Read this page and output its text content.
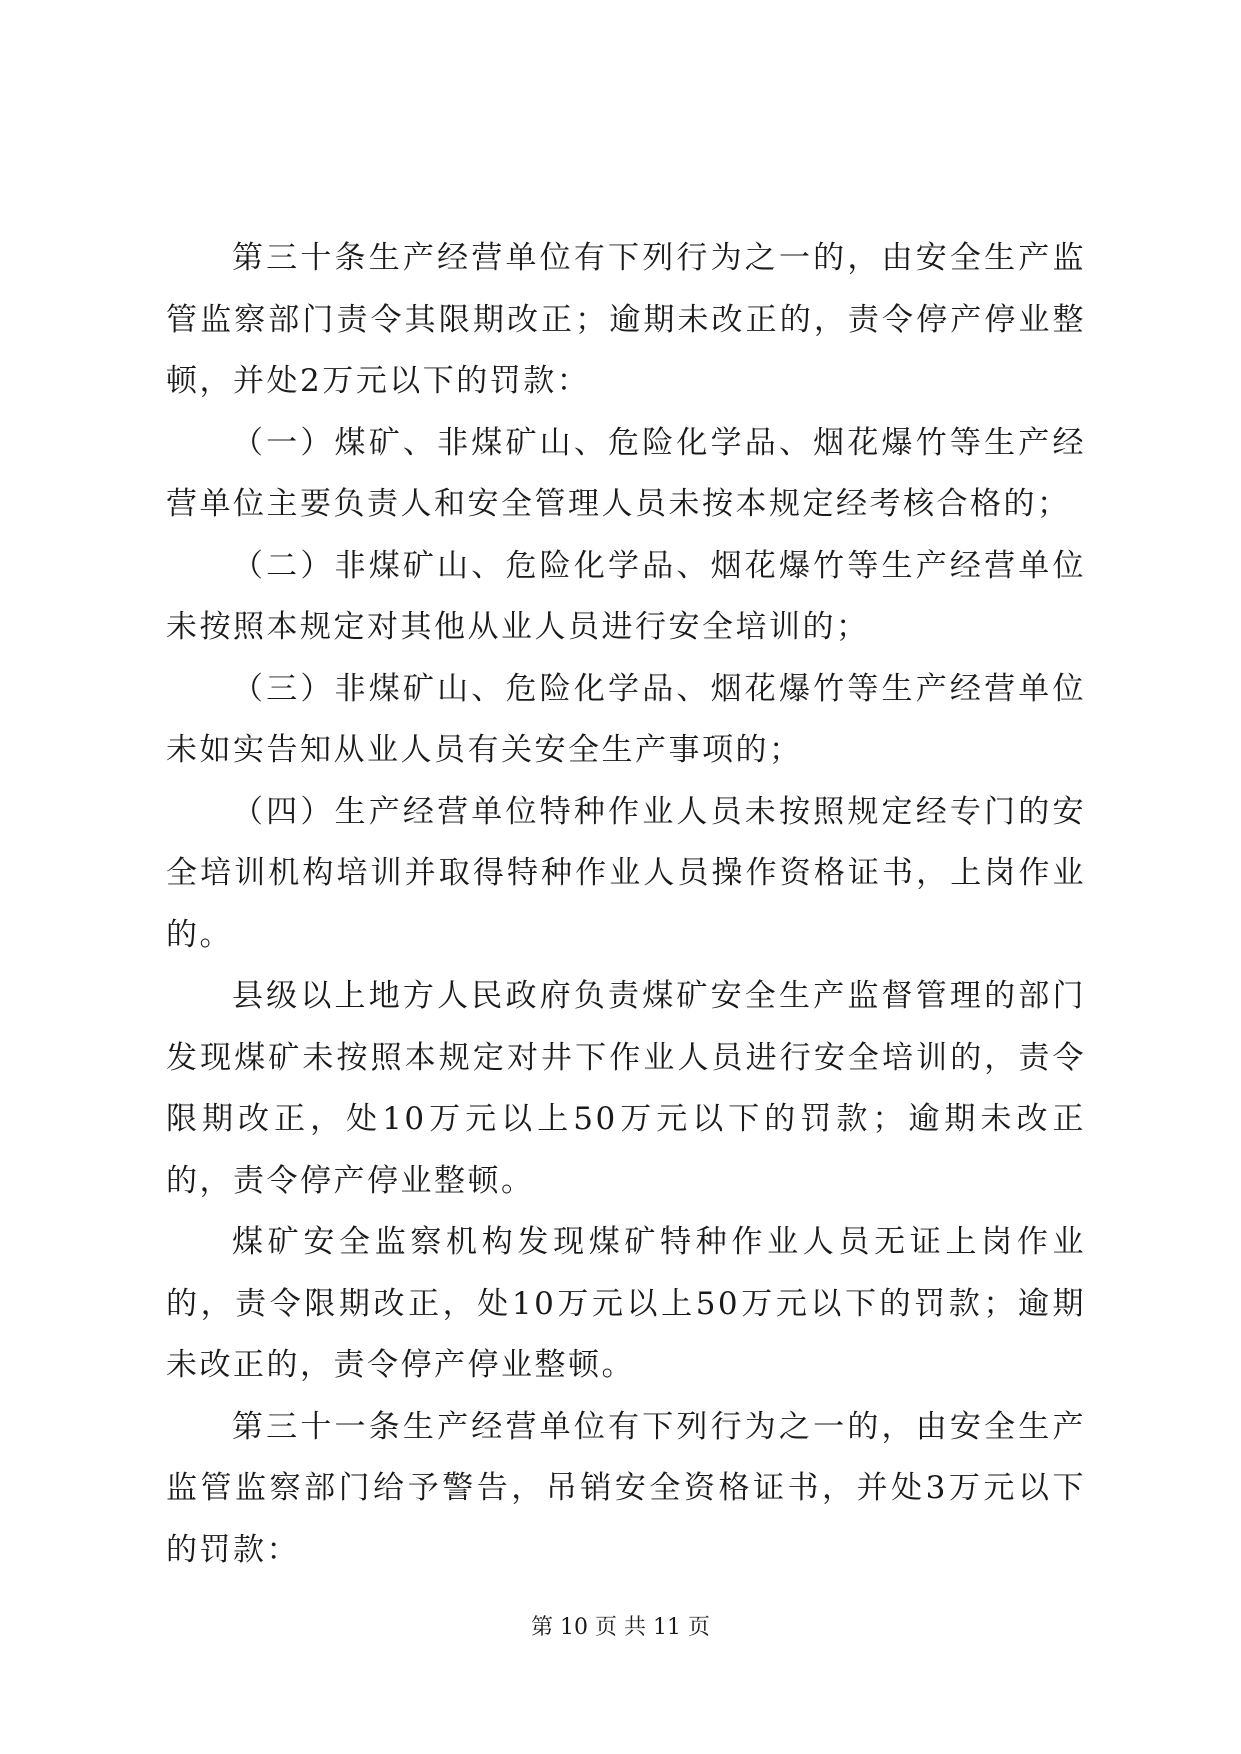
第三十条生产经营单位有下列行为之一的，由安全生产监管监察部门责令其限期改正；逾期未改正的，责令停产停业整顿，并处2万元以下的罚款：

（一）煤矿、非煤矿山、危险化学品、烟花爆竹等生产经营单位主要负责人和安全管理人员未按本规定经考核合格的；

（二）非煤矿山、危险化学品、烟花爆竹等生产经营单位未按照本规定对其他从业人员进行安全培训的；

（三）非煤矿山、危险化学品、烟花爆竹等生产经营单位未如实告知从业人员有关安全生产事项的；

（四）生产经营单位特种作业人员未按照规定经专门的安全培训机构培训并取得特种作业人员操作资格证书，上岗作业的。

县级以上地方人民政府负责煤矿安全生产监督管理的部门发现煤矿未按照本规定对井下作业人员进行安全培训的，责令限期改正，处10万元以上50万元以下的罚款；逾期未改正的，责令停产停业整顿。

煤矿安全监察机构发现煤矿特种作业人员无证上岗作业的，责令限期改正，处10万元以上50万元以下的罚款；逾期未改正的，责令停产停业整顿。

第三十一条生产经营单位有下列行为之一的，由安全生产监管监察部门给予警告，吊销安全资格证书，并处3万元以下的罚款：

第 10 页 共 11 页
